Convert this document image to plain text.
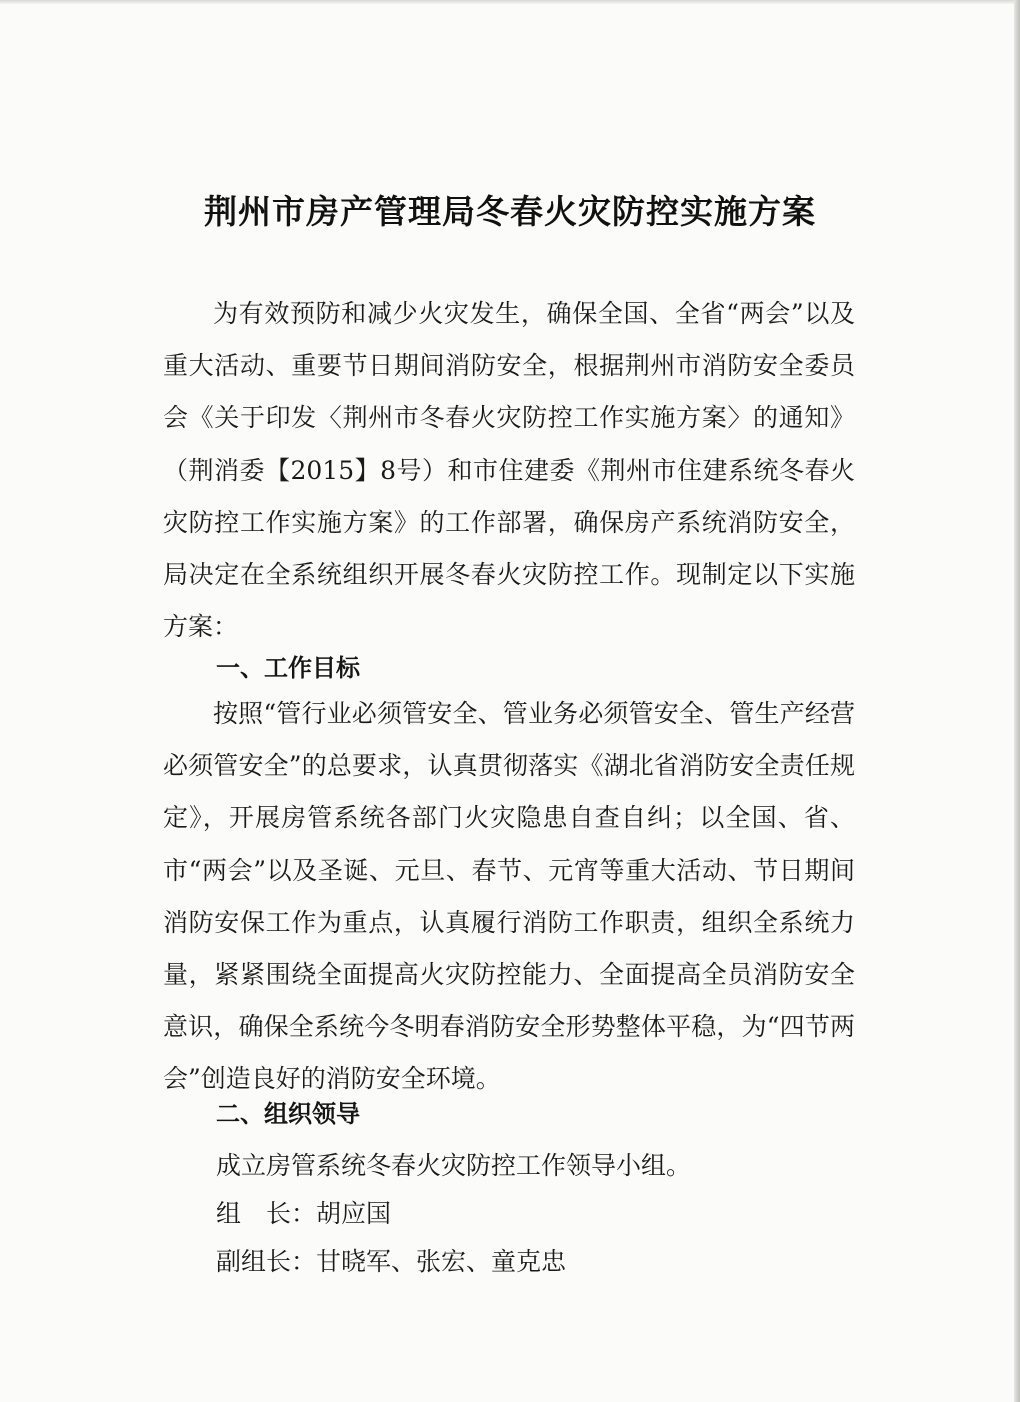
荆州市房产管理局冬春火灾防控实施方案

为有效预防和减少火灾发生，确保全国、全省“两会”以及重大活动、重要节日期间消防安全，根据荆州市消防安全委员会《关于印发〈荆州市冬春火灾防控工作实施方案〉的通知》（荆消委【2015】8号）和市住建委《荆州市住建系统冬春火灾防控工作实施方案》的工作部署，确保房产系统消防安全，局决定在全系统组织开展冬春火灾防控工作。现制定以下实施方案：

一、工作目标

按照“管行业必须管安全、管业务必须管安全、管生产经营必须管安全”的总要求，认真贯彻落实《湖北省消防安全责任规定》，开展房管系统各部门火灾隐患自查自纠；以全国、省、市“两会”以及圣诞、元旦、春节、元宵等重大活动、节日期间消防安保工作为重点，认真履行消防工作职责，组织全系统力量，紧紧围绕全面提高火灾防控能力、全面提高全员消防安全意识，确保全系统今冬明春消防安全形势整体平稳，为“四节两会”创造良好的消防安全环境。

二、组织领导
成立房管系统冬春火灾防控工作领导小组。
组　长：胡应国
副组长：甘晓军、张宏、童克忠
